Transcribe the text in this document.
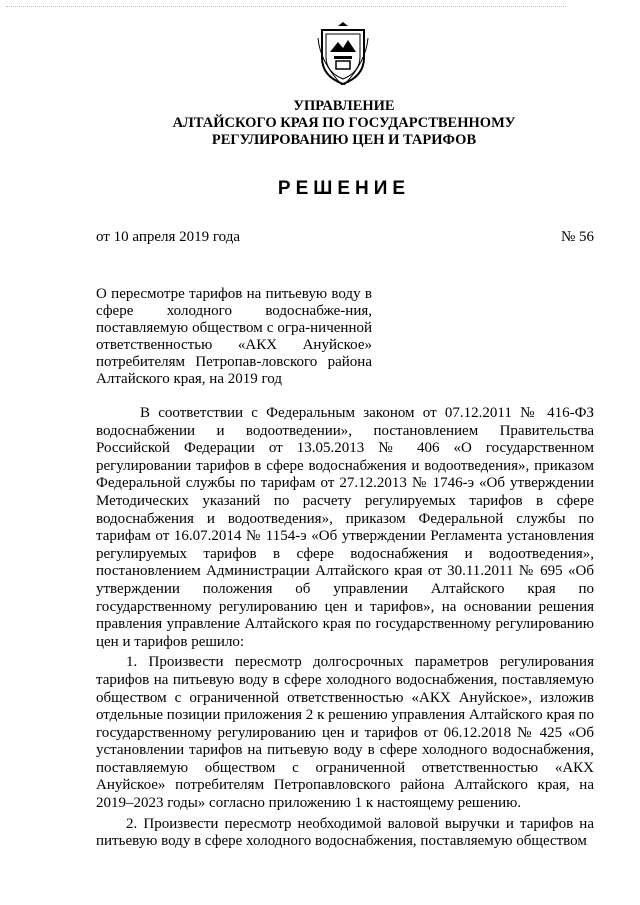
УПРАВЛЕНИЕ
АЛТАЙСКОГО КРАЯ ПО ГОСУДАРСТВЕННОМУ
РЕГУЛИРОВАНИЮ ЦЕН И ТАРИФОВ
РЕШЕНИЕ
от 10 апреля 2019 года	№ 56
О пересмотре тарифов на питьевую воду в сфере холодного водоснабже-ния, поставляемую обществом с огра-ниченной ответственностью «АКХ Ануйское» потребителям Петропав-ловского района Алтайского края, на 2019 год

В соответствии с Федеральным законом от 07.12.2011 № 416-ФЗ водоснабжении и водоотведении», постановлением Правительства Российской Федерации от 13.05.2013 № 406 «О государственном регулировании тарифов в сфере водоснабжения и водоотведения», приказом Федеральной службы по тарифам от 27.12.2013 № 1746-э «Об утверждении Методических указаний по расчету регулируемых тарифов в сфере водоснабжения и водоотведения», приказом Федеральной службы по тарифам от 16.07.2014 № 1154-э «Об утверждении Регламента установления регулируемых тарифов в сфере водоснабжения и водоотведения», постановлением Администрации Алтайского края от 30.11.2011 № 695 «Об утверждении положения об управлении Алтайского края по государственному регулированию цен и тарифов», на основании решения правления управление Алтайского края по государственному регулированию цен и тарифов решило:

1. Произвести пересмотр долгосрочных параметров регулирования тарифов на питьевую воду в сфере холодного водоснабжения, поставляемую обществом с ограниченной ответственностью «АКХ Ануйское», изложив отдельные позиции приложения 2 к решению управления Алтайского края по государственному регулированию цен и тарифов от 06.12.2018 № 425 «Об установлении тарифов на питьевую воду в сфере холодного водоснабжения, поставляемую обществом с ограниченной ответственностью «АКХ Ануйское» потребителям Петропавловского района Алтайского края, на 2019–2023 годы» согласно приложению 1 к настоящему решению.

2. Произвести пересмотр необходимой валовой выручки и тарифов на питьевую воду в сфере холодного водоснабжения, поставляемую обществом
